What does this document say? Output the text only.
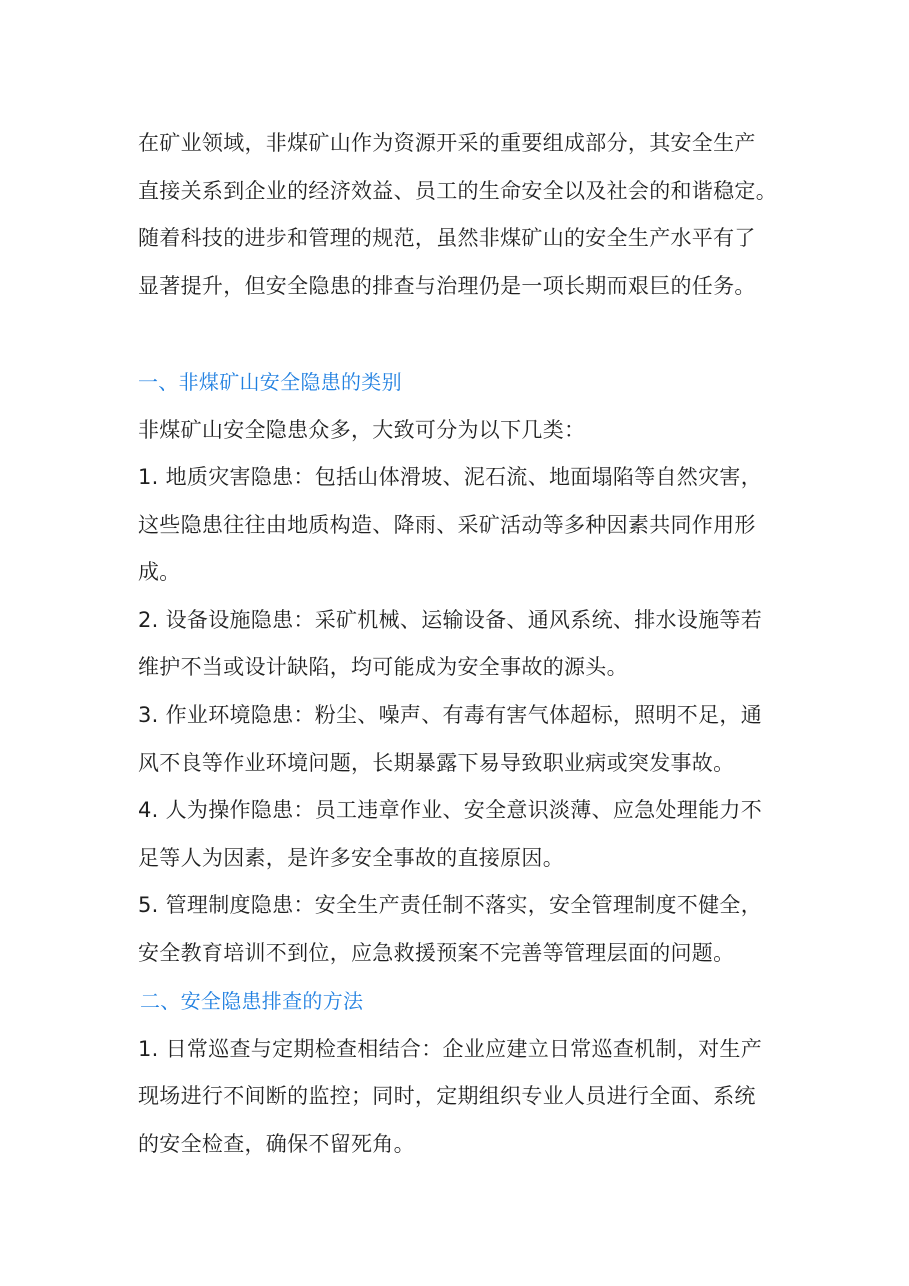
在矿业领域，非煤矿山作为资源开采的重要组成部分，其安全生产
直接关系到企业的经济效益、员工的生命安全以及社会的和谐稳定。
随着科技的进步和管理的规范，虽然非煤矿山的安全生产水平有了
显著提升，但安全隐患的排查与治理仍是一项长期而艰巨的任务。
一、非煤矿山安全隐患的类别
非煤矿山安全隐患众多，大致可分为以下几类：
1. 地质灾害隐患：包括山体滑坡、泥石流、地面塌陷等自然灾害，
这些隐患往往由地质构造、降雨、采矿活动等多种因素共同作用形
成。
2. 设备设施隐患：采矿机械、运输设备、通风系统、排水设施等若
维护不当或设计缺陷，均可能成为安全事故的源头。
3. 作业环境隐患：粉尘、噪声、有毒有害气体超标，照明不足，通
风不良等作业环境问题，长期暴露下易导致职业病或突发事故。
4. 人为操作隐患：员工违章作业、安全意识淡薄、应急处理能力不
足等人为因素，是许多安全事故的直接原因。
5. 管理制度隐患：安全生产责任制不落实，安全管理制度不健全，
安全教育培训不到位，应急救援预案不完善等管理层面的问题。
二、安全隐患排查的方法
1. 日常巡查与定期检查相结合：企业应建立日常巡查机制，对生产
现场进行不间断的监控；同时，定期组织专业人员进行全面、系统
的安全检查，确保不留死角。
